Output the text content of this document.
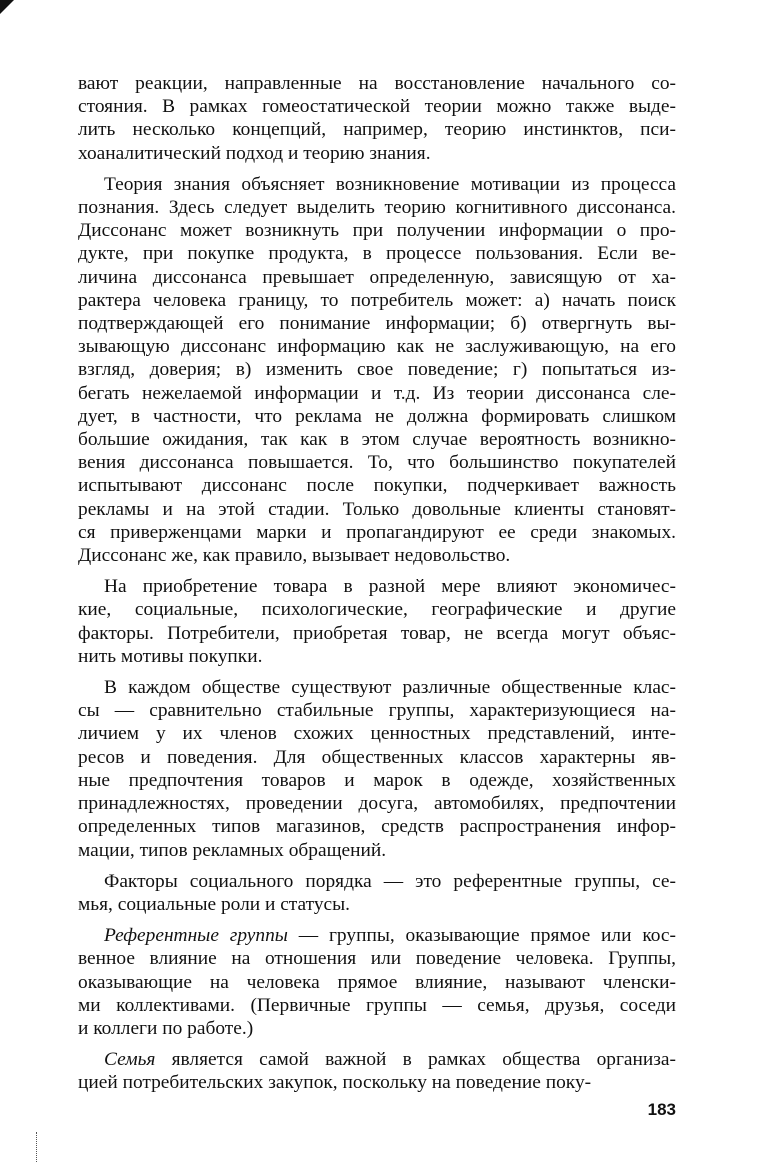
вают реакции, направленные на восстановление начального со-
стояния. В рамках гомеостатической теории можно также выде-
лить несколько концепций, например, теорию инстинктов, пси-
хоаналитический подход и теорию знания.

Теория знания объясняет возникновение мотивации из процесса
познания. Здесь следует выделить теорию когнитивного диссонанса.
Диссонанс может возникнуть при получении информации о про-
дукте, при покупке продукта, в процессе пользования. Если ве-
личина диссонанса превышает определенную, зависящую от ха-
рактера человека границу, то потребитель может: а) начать поиск
подтверждающей его понимание информации; б) отвергнуть вы-
зывающую диссонанс информацию как не заслуживающую, на его
взгляд, доверия; в) изменить свое поведение; г) попытаться из-
бегать нежелаемой информации и т.д. Из теории диссонанса сле-
дует, в частности, что реклама не должна формировать слишком
большие ожидания, так как в этом случае вероятность возникно-
вения диссонанса повышается. То, что большинство покупателей
испытывают диссонанс после покупки, подчеркивает важность
рекламы и на этой стадии. Только довольные клиенты становят-
ся приверженцами марки и пропагандируют ее среди знакомых.
Диссонанс же, как правило, вызывает недовольство.

На приобретение товара в разной мере влияют экономичес-
кие, социальные, психологические, географические и другие
факторы. Потребители, приобретая товар, не всегда могут объяс-
нить мотивы покупки.

В каждом обществе существуют различные общественные клас-
сы — сравнительно стабильные группы, характеризующиеся на-
личием у их членов схожих ценностных представлений, инте-
ресов и поведения. Для общественных классов характерны яв-
ные предпочтения товаров и марок в одежде, хозяйственных
принадлежностях, проведении досуга, автомобилях, предпочтении
определенных типов магазинов, средств распространения инфор-
мации, типов рекламных обращений.

Факторы социального порядка — это референтные группы, се-
мья, социальные роли и статусы.

Референтные группы — группы, оказывающие прямое или кос-
венное влияние на отношения или поведение человека. Группы,
оказывающие на человека прямое влияние, называют членски-
ми коллективами. (Первичные группы — семья, друзья, соседи
и коллеги по работе.)

Семья является самой важной в рамках общества организа-
цией потребительских закупок, поскольку на поведение поку-

183
